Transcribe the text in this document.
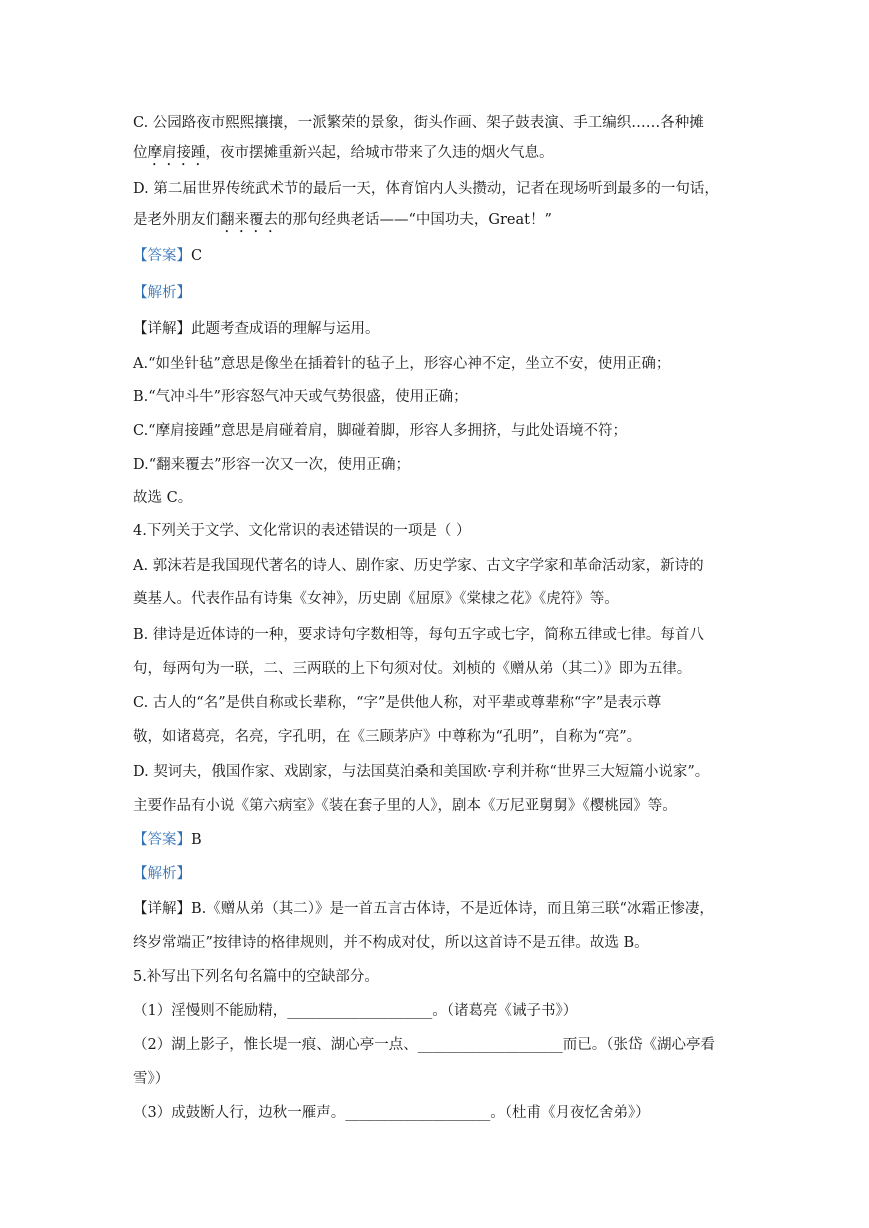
C. 公园路夜市熙熙攘攘，一派繁荣的景象，街头作画、架子鼓表演、手工编织……各种摊
位摩肩接踵，夜市摆摊重新兴起，给城市带来了久违的烟火气息。
D. 第二届世界传统武术节的最后一天，体育馆内人头攒动，记者在现场听到最多的一句话，
是老外朋友们翻来覆去的那句经典老话——“中国功夫，Great！”
【答案】C
【解析】
【详解】此题考查成语的理解与运用。
A.“如坐针毡”意思是像坐在插着针的毡子上，形容心神不定，坐立不安，使用正确；
B.“气冲斗牛”形容怒气冲天或气势很盛，使用正确；
C.“摩肩接踵”意思是肩碰着肩，脚碰着脚，形容人多拥挤，与此处语境不符；
D.“翻来覆去”形容一次又一次，使用正确；
故选 C。
4.下列关于文学、文化常识的表述错误的一项是（ ）
A. 郭沫若是我国现代著名的诗人、剧作家、历史学家、古文字学家和革命活动家，新诗的
奠基人。代表作品有诗集《女神》，历史剧《屈原》《棠棣之花》《虎符》等。
B. 律诗是近体诗的一种，要求诗句字数相等，每句五字或七字，简称五律或七律。每首八
句，每两句为一联，二、三两联的上下句须对仗。刘桢的《赠从弟（其二）》即为五律。
C. 古人的“名”是供自称或长辈称，“字”是供他人称，对平辈或尊辈称“字”是表示尊
敬，如诸葛亮，名亮，字孔明，在《三顾茅庐》中尊称为“孔明”，自称为“亮”。
D. 契诃夫，俄国作家、戏剧家，与法国莫泊桑和美国欧·亨利并称“世界三大短篇小说家”。
主要作品有小说《第六病室》《装在套子里的人》，剧本《万尼亚舅舅》《樱桃园》等。
【答案】B
【解析】
【详解】B.《赠从弟（其二）》是一首五言古体诗，不是近体诗，而且第三联“冰霜正惨凄，
终岁常端正”按律诗的格律规则，并不构成对仗，所以这首诗不是五律。故选 B。
5.补写出下列名句名篇中的空缺部分。
（1）淫慢则不能励精，____________________。（诸葛亮《诫子书》）
（2）湖上影子，惟长堤一痕、湖心亭一点、____________________而已。（张岱《湖心亭看
雪》）
（3）成鼓断人行，边秋一雁声。____________________。（杜甫《月夜忆舍弟》）
